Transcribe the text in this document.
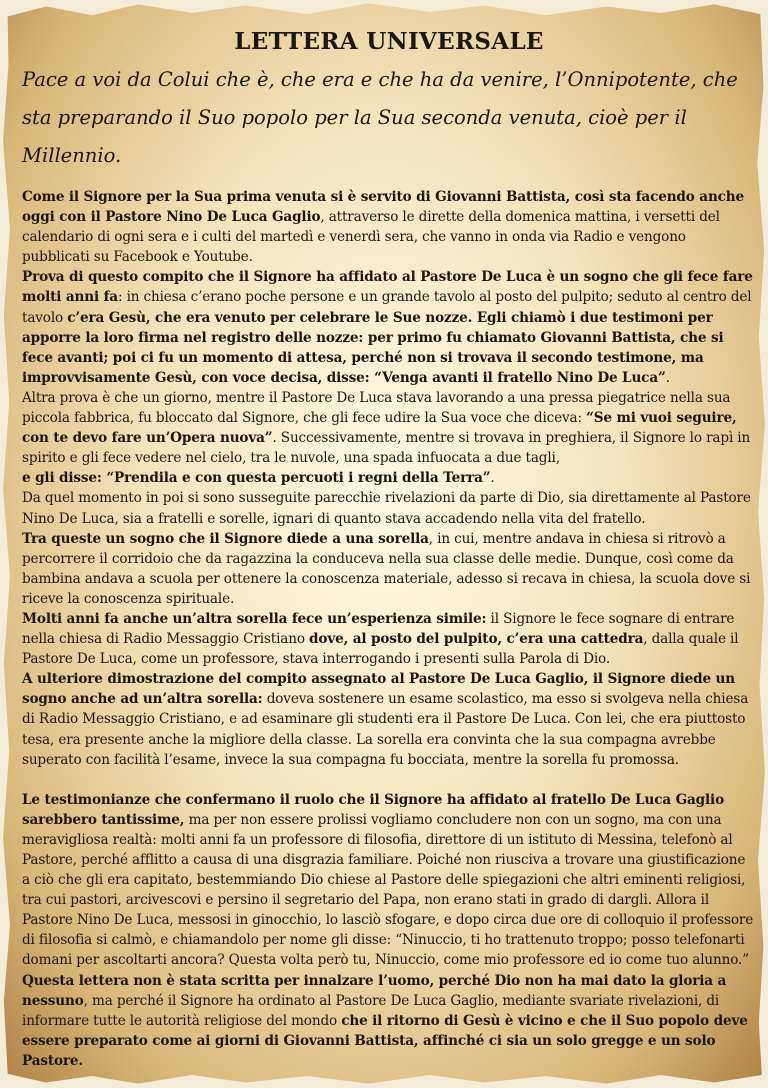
LETTERA UNIVERSALE

Pace a voi da Colui che è, che era e che ha da venire, l’Onnipotente, che sta preparando il Suo popolo per la Sua seconda venuta, cioè per il Millennio.

Come il Signore per la Sua prima venuta si è servito di Giovanni Battista, così sta facendo anche oggi con il Pastore Nino De Luca Gaglio, attraverso le dirette della domenica mattina, i versetti del calendario di ogni sera e i culti del martedì e venerdì sera, che vanno in onda via Radio e vengono pubblicati su Facebook e Youtube.

Prova di questo compito che il Signore ha affidato al Pastore De Luca è un sogno che gli fece fare molti anni fa: in chiesa c’erano poche persone e un grande tavolo al posto del pulpito; seduto al centro del tavolo c’era Gesù, che era venuto per celebrare le Sue nozze. Egli chiamò i due testimoni per apporre la loro firma nel registro delle nozze: per primo fu chiamato Giovanni Battista, che si fece avanti; poi ci fu un momento di attesa, perché non si trovava il secondo testimone, ma improvvisamente Gesù, con voce decisa, disse: “Venga avanti il fratello Nino De Luca”.

Altra prova è che un giorno, mentre il Pastore De Luca stava lavorando a una pressa piegatrice nella sua piccola fabbrica, fu bloccato dal Signore, che gli fece udire la Sua voce che diceva: “Se mi vuoi seguire, con te devo fare un’Opera nuova”. Successivamente, mentre si trovava in preghiera, il Signore lo rapì in spirito e gli fece vedere nel cielo, tra le nuvole, una spada infuocata a due tagli,

e gli disse: “Prendila e con questa percuoti i regni della Terra”.

Da quel momento in poi si sono susseguite parecchie rivelazioni da parte di Dio, sia direttamente al Pastore Nino De Luca, sia a fratelli e sorelle, ignari di quanto stava accadendo nella vita del fratello.

Tra queste un sogno che il Signore diede a una sorella, in cui, mentre andava in chiesa si ritrovò a percorrere il corridoio che da ragazzina la conduceva nella sua classe delle medie. Dunque, così come da bambina andava a scuola per ottenere la conoscenza materiale, adesso si recava in chiesa, la scuola dove si riceve la conoscenza spirituale.

Molti anni fa anche un’altra sorella fece un’esperienza simile: il Signore le fece sognare di entrare nella chiesa di Radio Messaggio Cristiano dove, al posto del pulpito, c’era una cattedra, dalla quale il Pastore De Luca, come un professore, stava interrogando i presenti sulla Parola di Dio.

A ulteriore dimostrazione del compito assegnato al Pastore De Luca Gaglio, il Signore diede un sogno anche ad un’altra sorella: doveva sostenere un esame scolastico, ma esso si svolgeva nella chiesa di Radio Messaggio Cristiano, e ad esaminare gli studenti era il Pastore De Luca. Con lei, che era piuttosto tesa, era presente anche la migliore della classe. La sorella era convinta che la sua compagna avrebbe superato con facilità l’esame, invece la sua compagna fu bocciata, mentre la sorella fu promossa.

Le testimonianze che confermano il ruolo che il Signore ha affidato al fratello De Luca Gaglio sarebbero tantissime, ma per non essere prolissi vogliamo concludere non con un sogno, ma con una meravigliosa realtà: molti anni fa un professore di filosofia, direttore di un istituto di Messina, telefonò al Pastore, perché afflitto a causa di una disgrazia familiare. Poiché non riusciva a trovare una giustificazione a ciò che gli era capitato, bestemmiando Dio chiese al Pastore delle spiegazioni che altri eminenti religiosi, tra cui pastori, arcivescovi e persino il segretario del Papa, non erano stati in grado di dargli. Allora il Pastore Nino De Luca, messosi in ginocchio, lo lasciò sfogare, e dopo circa due ore di colloquio il professore di filosofia si calmò, e chiamandolo per nome gli disse: “Ninuccio, ti ho trattenuto troppo; posso telefonarti domani per ascoltarti ancora? Questa volta però tu, Ninuccio, come mio professore ed io come tuo alunno.”

Questa lettera non è stata scritta per innalzare l’uomo, perché Dio non ha mai dato la gloria a nessuno, ma perché il Signore ha ordinato al Pastore De Luca Gaglio, mediante svariate rivelazioni, di informare tutte le autorità religiose del mondo che il ritorno di Gesù è vicino e che il Suo popolo deve essere preparato come ai giorni di Giovanni Battista, affinché ci sia un solo gregge e un solo Pastore.
